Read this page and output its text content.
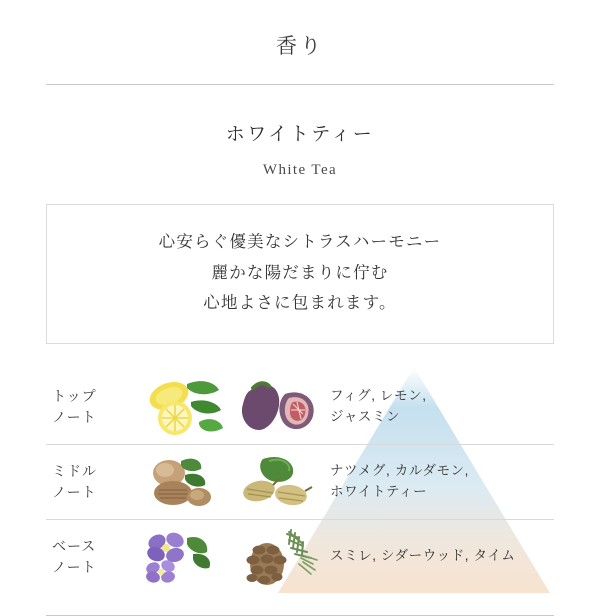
香り
ホワイトティー
White Tea
心安らぐ優美なシトラスハーモニー
麗かな陽だまりに佇む
心地よさに包まれます。
トップ
ノート
フィグ, レモン,
ジャスミン
ミドル
ノート
ナツメグ, カルダモン,
ホワイトティー
ベース
ノート
スミレ, シダーウッド, タイム
